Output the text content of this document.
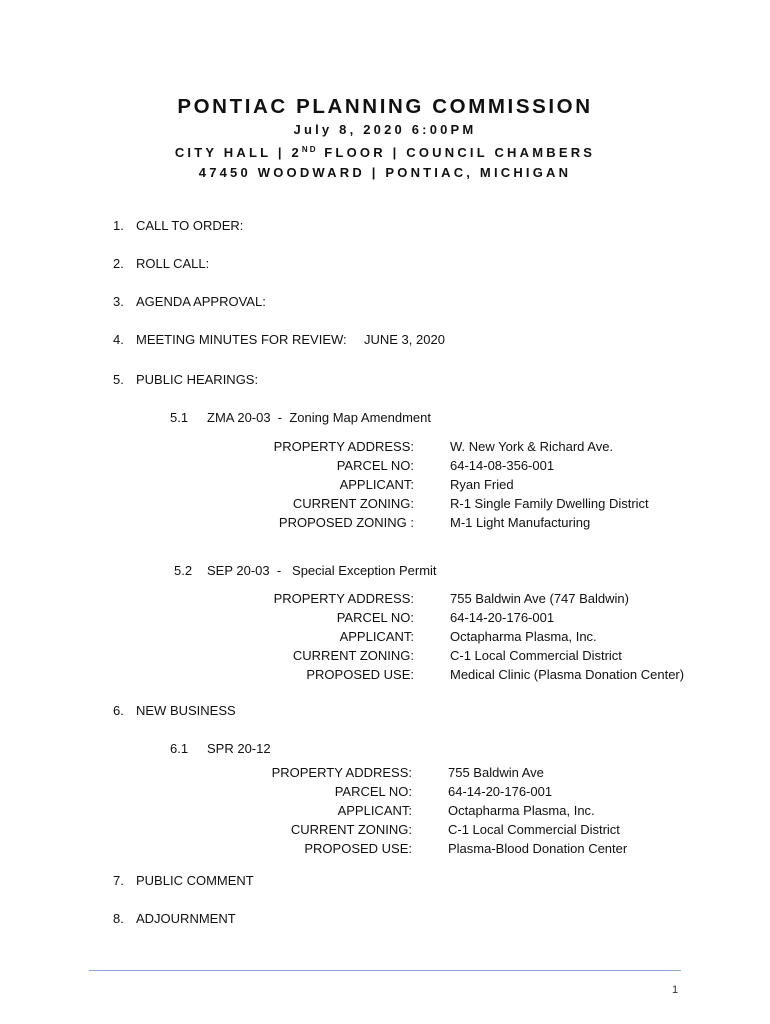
PONTIAC PLANNING COMMISSION
July 8, 2020 6:00PM
CITY HALL | 2ND FLOOR | COUNCIL CHAMBERS
47450 WOODWARD | PONTIAC, MICHIGAN
1. CALL TO ORDER:
2. ROLL CALL:
3. AGENDA APPROVAL:
4. MEETING MINUTES FOR REVIEW: JUNE 3, 2020
5. PUBLIC HEARINGS:
5.1 ZMA 20-03  -  Zoning Map Amendment
PROPERTY ADDRESS:	W. New York & Richard Ave.
PARCEL NO:	64-14-08-356-001
APPLICANT:	Ryan Fried
CURRENT ZONING:	R-1 Single Family Dwelling District
PROPOSED ZONING :	M-1 Light Manufacturing
5.2 SEP 20-03  -   Special Exception Permit
PROPERTY ADDRESS:	755 Baldwin Ave (747 Baldwin)
PARCEL NO:	64-14-20-176-001
APPLICANT:	Octapharma Plasma, Inc.
CURRENT ZONING:	C-1 Local Commercial District
PROPOSED USE:	Medical Clinic (Plasma Donation Center)
6. NEW BUSINESS
6.1 SPR 20-12
PROPERTY ADDRESS:	755 Baldwin Ave
PARCEL NO:	64-14-20-176-001
APPLICANT:	Octapharma Plasma, Inc.
CURRENT ZONING:	C-1 Local Commercial District
PROPOSED USE:	Plasma-Blood Donation Center
7. PUBLIC COMMENT
8. ADJOURNMENT
1
